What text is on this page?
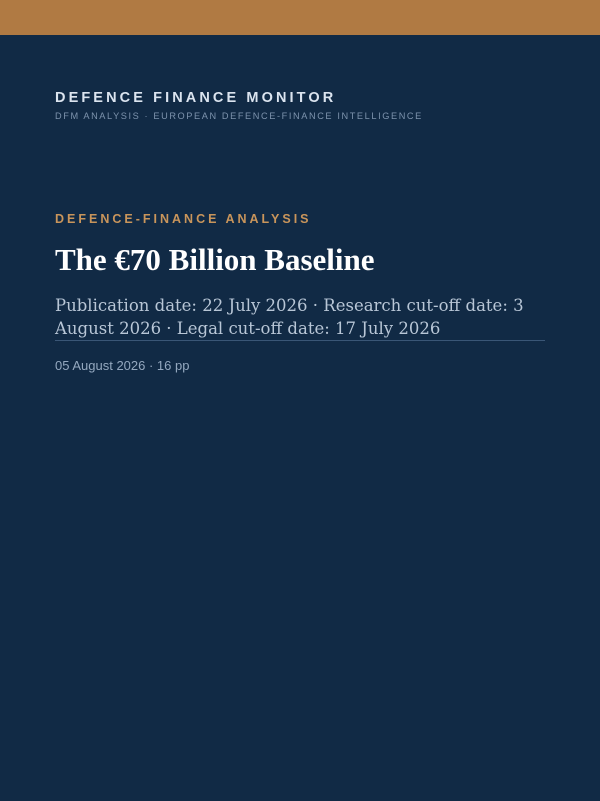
DEFENCE FINANCE MONITOR
DFM ANALYSIS · EUROPEAN DEFENCE-FINANCE INTELLIGENCE
DEFENCE-FINANCE ANALYSIS
The €70 Billion Baseline
Publication date: 22 July 2026 · Research cut-off date: 3 August 2026 · Legal cut-off date: 17 July 2026
05 August 2026 · 16 pp
